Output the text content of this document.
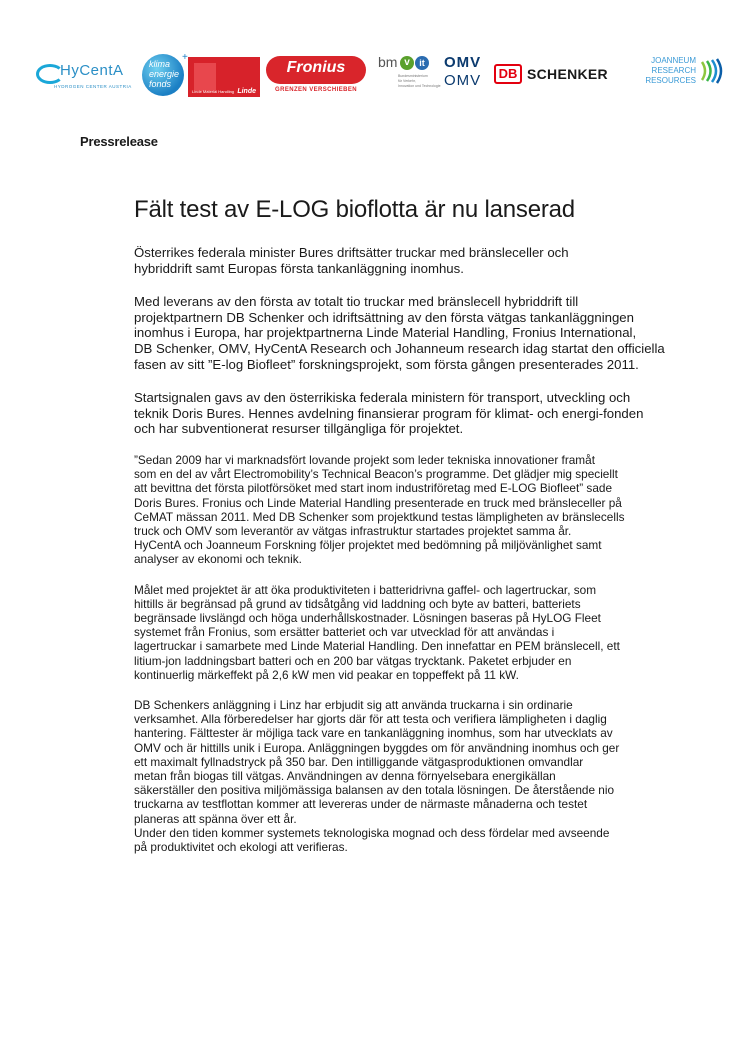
HyCentA
HYDROGEN CENTER AUSTRIA
klima
energie
fonds
+
Linde Material Handling Linde
Fronius
GRENZEN VERSCHIEBEN
bm v	it
Bundesministerium
für Verkehr,
Innovation und Technologie
OMV
OMV	DB SCHENKER
JOANNEUM
RESEARCH
RESOURCES
Pressrelease
Fält test av E-LOG bioflotta är nu lanserad

Österrikes federala minister Bures driftsätter truckar med bränsleceller och
hybriddrift samt Europas första tankanläggning inomhus.

Med leverans av den första av totalt tio truckar med bränslecell hybriddrift till
projektpartnern DB Schenker och idriftsättning av den första vätgas tankanläggningen
inomhus i Europa, har projektpartnerna Linde Material Handling, Fronius International,
DB Schenker, OMV, HyCentA Research och Johanneum research idag startat den officiella
fasen av sitt ”E-log Biofleet” forskningsprojekt, som första gången presenterades 2011.

Startsignalen gavs av den österrikiska federala ministern för transport, utveckling och
teknik Doris Bures. Hennes avdelning finansierar program för klimat- och energi-fonden
och har subventionerat resurser tillgängliga för projektet.

”Sedan 2009 har vi marknadsfört lovande projekt som leder tekniska innovationer framåt
som en del av vårt Electromobility’s Technical Beacon’s programme. Det glädjer mig speciellt
att bevittna det första pilotförsöket med start inom industriföretag med E-LOG Biofleet” sade
Doris Bures. Fronius och Linde Material Handling presenterade en truck med bränsleceller på
CeMAT mässan 2011. Med DB Schenker som projektkund testas lämpligheten av bränslecells
truck och OMV som leverantör av vätgas infrastruktur startades projektet samma år.
HyCentA och Joanneum Forskning följer projektet med bedömning på miljövänlighet samt
analyser av ekonomi och teknik.

Målet med projektet är att öka produktiviteten i batteridrivna gaffel- och lagertruckar, som
hittills är begränsad på grund av tidsåtgång vid laddning och byte av batteri, batteriets
begränsade livslängd och höga underhållskostnader. Lösningen baseras på HyLOG Fleet
systemet från Fronius, som ersätter batteriet och var utvecklad för att användas i
lagertruckar i samarbete med Linde Material Handling. Den innefattar en PEM bränslecell, ett
litium-jon laddningsbart batteri och en 200 bar vätgas trycktank. Paketet erbjuder en
kontinuerlig märkeffekt på 2,6 kW men vid peakar en toppeffekt på 11 kW.

DB Schenkers anläggning i Linz har erbjudit sig att använda truckarna i sin ordinarie
verksamhet. Alla förberedelser har gjorts där för att testa och verifiera lämpligheten i daglig
hantering. Fälttester är möjliga tack vare en tankanläggning inomhus, som har utvecklats av
OMV och är hittills unik i Europa. Anläggningen byggdes om för användning inomhus och ger
ett maximalt fyllnadstryck på 350 bar. Den intilliggande vätgasproduktionen omvandlar
metan från biogas till vätgas. Användningen av denna förnyelsebara energikällan
säkerställer den positiva miljömässiga balansen av den totala lösningen. De återstående nio
truckarna av testflottan kommer att levereras under de närmaste månaderna och testet
planeras att spänna över ett år.
Under den tiden kommer systemets teknologiska mognad och dess fördelar med avseende
på produktivitet och ekologi att verifieras.
